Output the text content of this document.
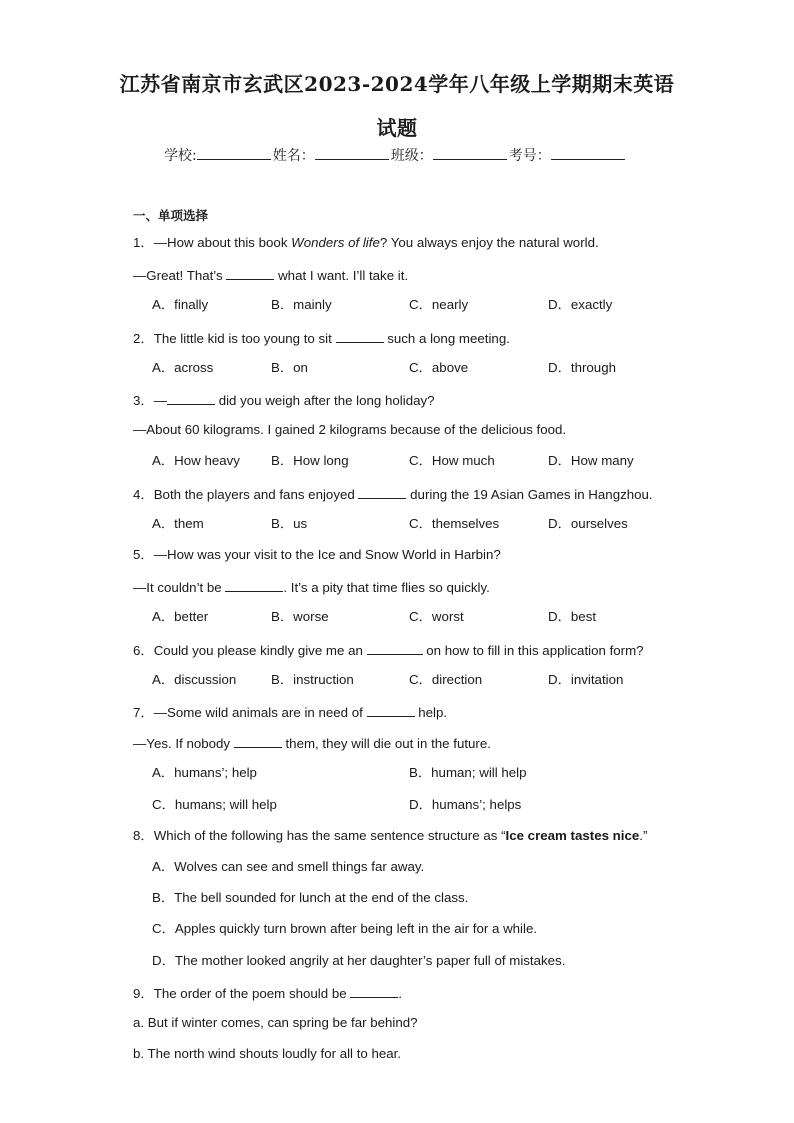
江苏省南京市玄武区2023-2024学年八年级上学期期末英语
试题
学校:	姓名：	班级：	考号：
一、单项选择
1．—How about this book Wonders of life? You always enjoy the natural world.
—Great! That’s	what I want. I’ll take it.
A．finally	B．mainly	C．nearly	D．exactly
2．The little kid is too young to sit	such a long meeting.
A．across	B．on	C．above	D．through
3．—	did you weigh after the long holiday?
—About 60 kilograms. I gained 2 kilograms because of the delicious food.
A．How heavy B．How long	C．How much	D．How many
4．Both the players and fans enjoyed	during the 19 Asian Games in Hangzhou.
A．them	B．us	C．themselves	D．ourselves
5．—How was your visit to the Ice and Snow World in Harbin?
—It couldn’t be	. It’s a pity that time flies so quickly.
A．better	B．worse	C．worst	D．best
6．Could you please kindly give me an	on how to fill in this application form?
A．discussion	B．instruction	C．direction	D．invitation
7．—Some wild animals are in need of	help.
—Yes. If nobody	them, they will die out in the future.
A．humans’; help	B．human; will help
C．humans; will help	D．humans’; helps
8．Which of the following has the same sentence structure as “Ice cream tastes nice.”
A．Wolves can see and smell things far away.
B．The bell sounded for lunch at the end of the class.
C．Apples quickly turn brown after being left in the air for a while.
D．The mother looked angrily at her daughter’s paper full of mistakes.
9．The order of the poem should be	.
a. But if winter comes, can spring be far behind?
b. The north wind shouts loudly for all to hear.
